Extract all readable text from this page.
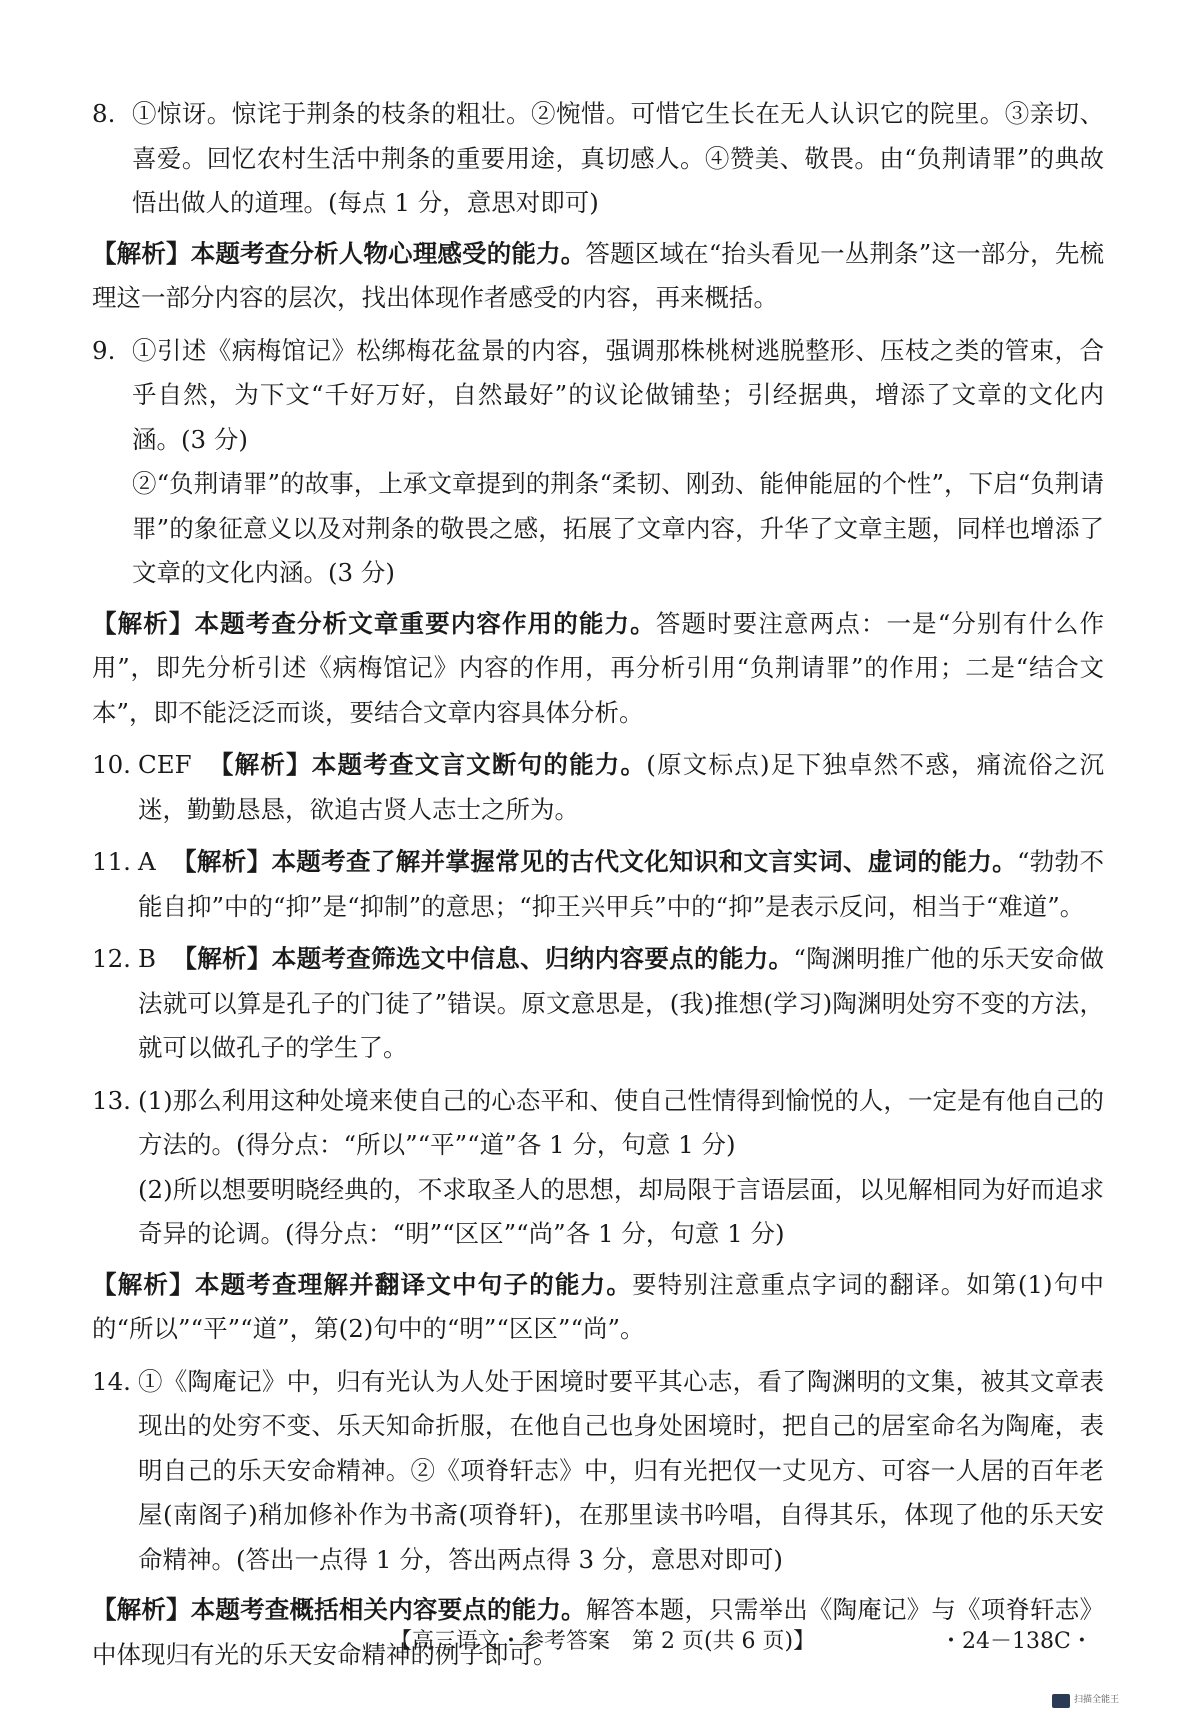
8. ①惊讶。惊诧于荆条的枝条的粗壮。②惋惜。可惜它生长在无人认识它的院里。③亲切、喜爱。回忆农村生活中荆条的重要用途，真切感人。④赞美、敬畏。由“负荆请罪”的典故悟出做人的道理。(每点 1 分，意思对即可)

【解析】本题考查分析人物心理感受的能力。答题区域在“抬头看见一丛荆条”这一部分，先梳理这一部分内容的层次，找出体现作者感受的内容，再来概括。

9. ①引述《病梅馆记》松绑梅花盆景的内容，强调那株桃树逃脱整形、压枝之类的管束，合乎自然，为下文“千好万好，自然最好”的议论做铺垫；引经据典，增添了文章的文化内涵。(3 分)

②“负荆请罪”的故事，上承文章提到的荆条“柔韧、刚劲、能伸能屈的个性”，下启“负荆请罪”的象征意义以及对荆条的敬畏之感，拓展了文章内容，升华了文章主题，同样也增添了文章的文化内涵。(3 分)

【解析】本题考查分析文章重要内容作用的能力。答题时要注意两点：一是“分别有什么作用”，即先分析引述《病梅馆记》内容的作用，再分析引用“负荆请罪”的作用；二是“结合文本”，即不能泛泛而谈，要结合文章内容具体分析。

10. CEF 【解析】本题考查文言文断句的能力。(原文标点)足下独卓然不惑，痛流俗之沉迷，勤勤恳恳，欲追古贤人志士之所为。

11. A 【解析】本题考查了解并掌握常见的古代文化知识和文言实词、虚词的能力。“勃勃不能自抑”中的“抑”是“抑制”的意思；“抑王兴甲兵”中的“抑”是表示反问，相当于“难道”。

12. B 【解析】本题考查筛选文中信息、归纳内容要点的能力。“陶渊明推广他的乐天安命做法就可以算是孔子的门徒了”错误。原文意思是，(我)推想(学习)陶渊明处穷不变的方法，就可以做孔子的学生了。

13. (1)那么利用这种处境来使自己的心态平和、使自己性情得到愉悦的人，一定是有他自己的方法的。(得分点：“所以”“平”“道”各 1 分，句意 1 分)

(2)所以想要明晓经典的，不求取圣人的思想，却局限于言语层面，以见解相同为好而追求奇异的论调。(得分点：“明”“区区”“尚”各 1 分，句意 1 分)

【解析】本题考查理解并翻译文中句子的能力。要特别注意重点字词的翻译。如第(1)句中的“所以”“平”“道”，第(2)句中的“明”“区区”“尚”。

14. ①《陶庵记》中，归有光认为人处于困境时要平其心志，看了陶渊明的文集，被其文章表现出的处穷不变、乐天知命折服，在他自己也身处困境时，把自己的居室命名为陶庵，表明自己的乐天安命精神。②《项脊轩志》中，归有光把仅一丈见方、可容一人居的百年老屋(南阁子)稍加修补作为书斋(项脊轩)，在那里读书吟唱，自得其乐，体现了他的乐天安命精神。(答出一点得 1 分，答出两点得 3 分，意思对即可)

【解析】本题考查概括相关内容要点的能力。解答本题，只需举出《陶庵记》与《项脊轩志》中体现归有光的乐天安命精神的例子即可。

【高三语文・参考答案　第 2 页(共 6 页)】	・24－138C・
扫描全能王
